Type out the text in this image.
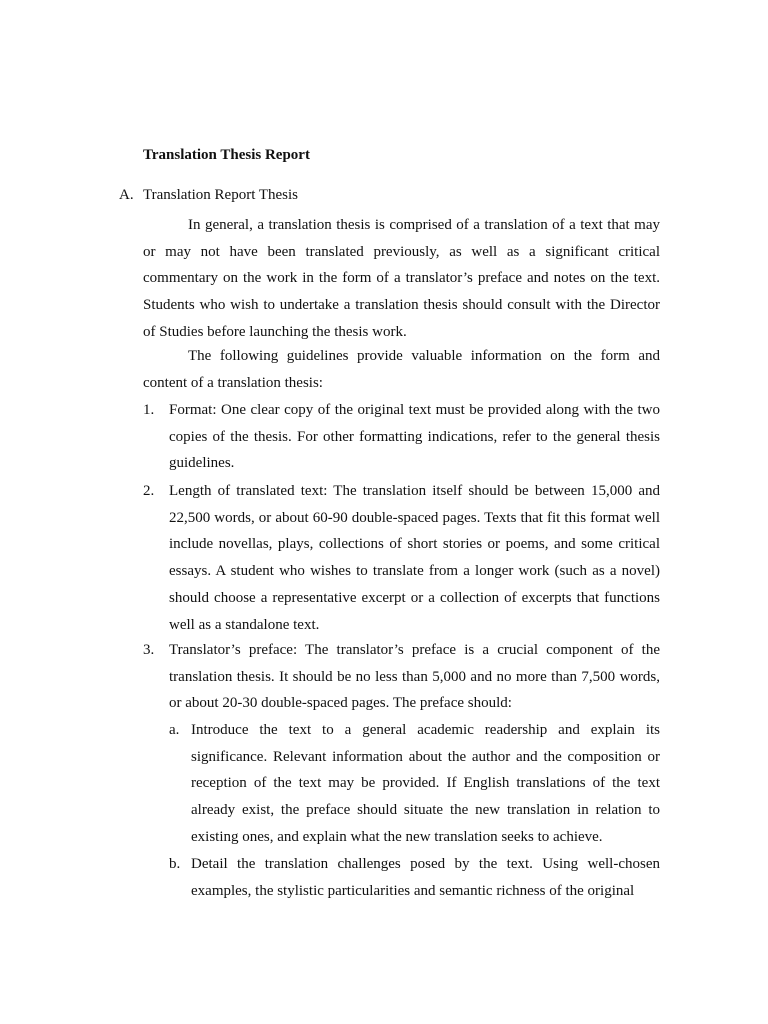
Translation Thesis Report
A. Translation Report Thesis

In general, a translation thesis is comprised of a translation of a text that may or may not have been translated previously, as well as a significant critical commentary on the work in the form of a translator’s preface and notes on the text. Students who wish to undertake a translation thesis should consult with the Director of Studies before launching the thesis work.

The following guidelines provide valuable information on the form and content of a translation thesis:

1. Format: One clear copy of the original text must be provided along with the two copies of the thesis. For other formatting indications, refer to the general thesis guidelines.
2. Length of translated text: The translation itself should be between 15,000 and 22,500 words, or about 60-90 double-spaced pages. Texts that fit this format well include novellas, plays, collections of short stories or poems, and some critical essays. A student who wishes to translate from a longer work (such as a novel) should choose a representative excerpt or a collection of excerpts that functions well as a standalone text.
3. Translator’s preface: The translator’s preface is a crucial component of the translation thesis. It should be no less than 5,000 and no more than 7,500 words, or about 20-30 double-spaced pages. The preface should:
a. Introduce the text to a general academic readership and explain its significance. Relevant information about the author and the composition or reception of the text may be provided. If English translations of the text already exist, the preface should situate the new translation in relation to existing ones, and explain what the new translation seeks to achieve.
b. Detail the translation challenges posed by the text. Using well-chosen examples, the stylistic particularities and semantic richness of the original
